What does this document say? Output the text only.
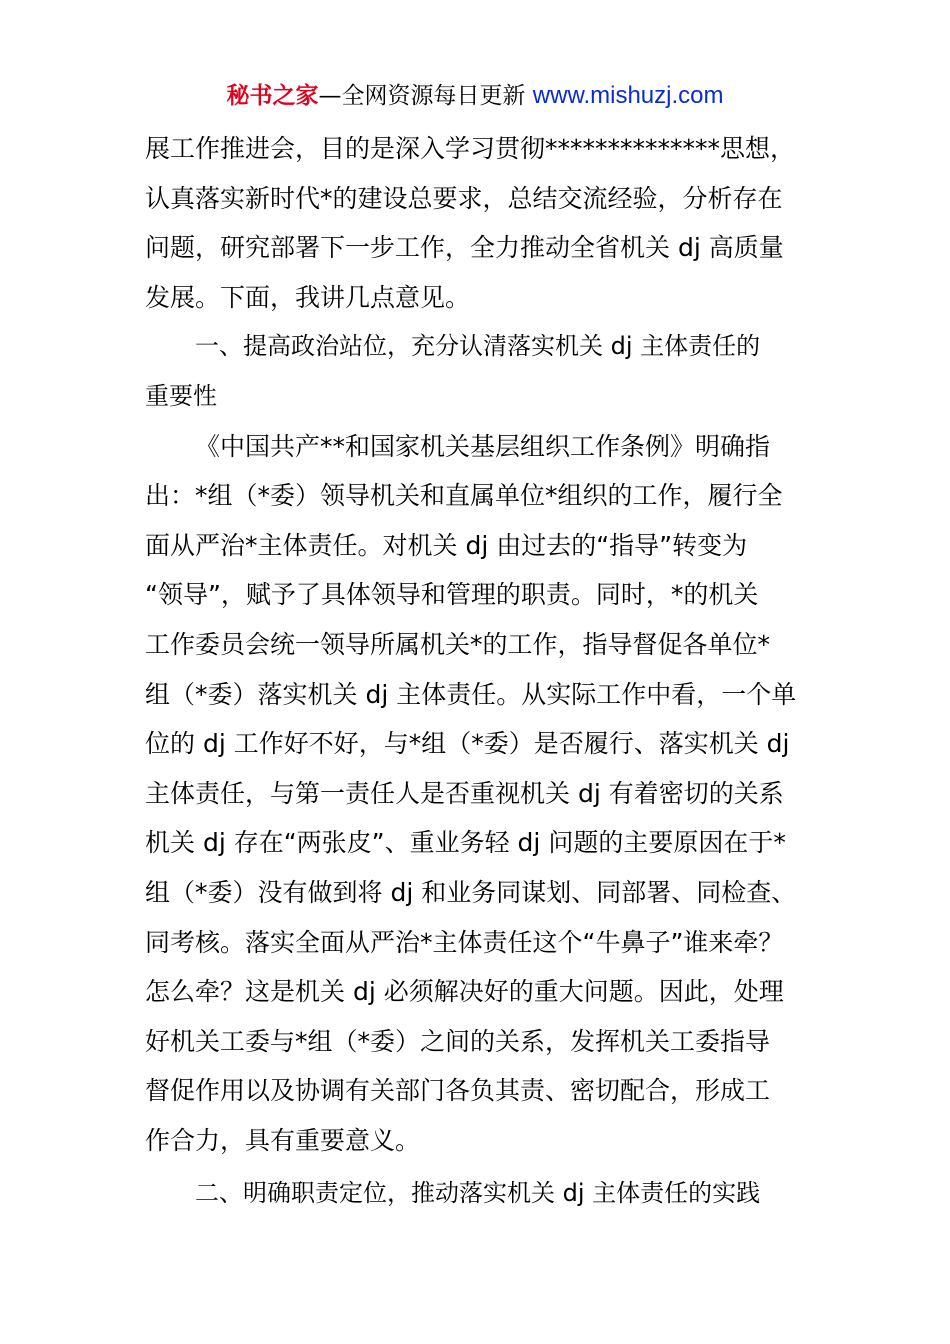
秘书之家—全网资源每日更新 www.mishuzj.com
展工作推进会，目的是深入学习贯彻**************思想，
认真落实新时代*的建设总要求，总结交流经验，分析存在
问题，研究部署下一步工作，全力推动全省机关 dj 高质量
发展。下面，我讲几点意见。
一、提高政治站位，充分认清落实机关 dj 主体责任的
重要性
《中国共产**和国家机关基层组织工作条例》明确指
出：*组（*委）领导机关和直属单位*组织的工作，履行全
面从严治*主体责任。对机关 dj 由过去的“指导”转变为
“领导”，赋予了具体领导和管理的职责。同时，*的机关
工作委员会统一领导所属机关*的工作，指导督促各单位*
组（*委）落实机关 dj 主体责任。从实际工作中看，一个单
位的 dj 工作好不好，与*组（*委）是否履行、落实机关 dj
主体责任，与第一责任人是否重视机关 dj 有着密切的关系
机关 dj 存在“两张皮”、重业务轻 dj 问题的主要原因在于*
组（*委）没有做到将 dj 和业务同谋划、同部署、同检查、
同考核。落实全面从严治*主体责任这个“牛鼻子”谁来牵？
怎么牵？这是机关 dj 必须解决好的重大问题。因此，处理
好机关工委与*组（*委）之间的关系，发挥机关工委指导
督促作用以及协调有关部门各负其责、密切配合，形成工
作合力，具有重要意义。
二、明确职责定位，推动落实机关 dj 主体责任的实践
